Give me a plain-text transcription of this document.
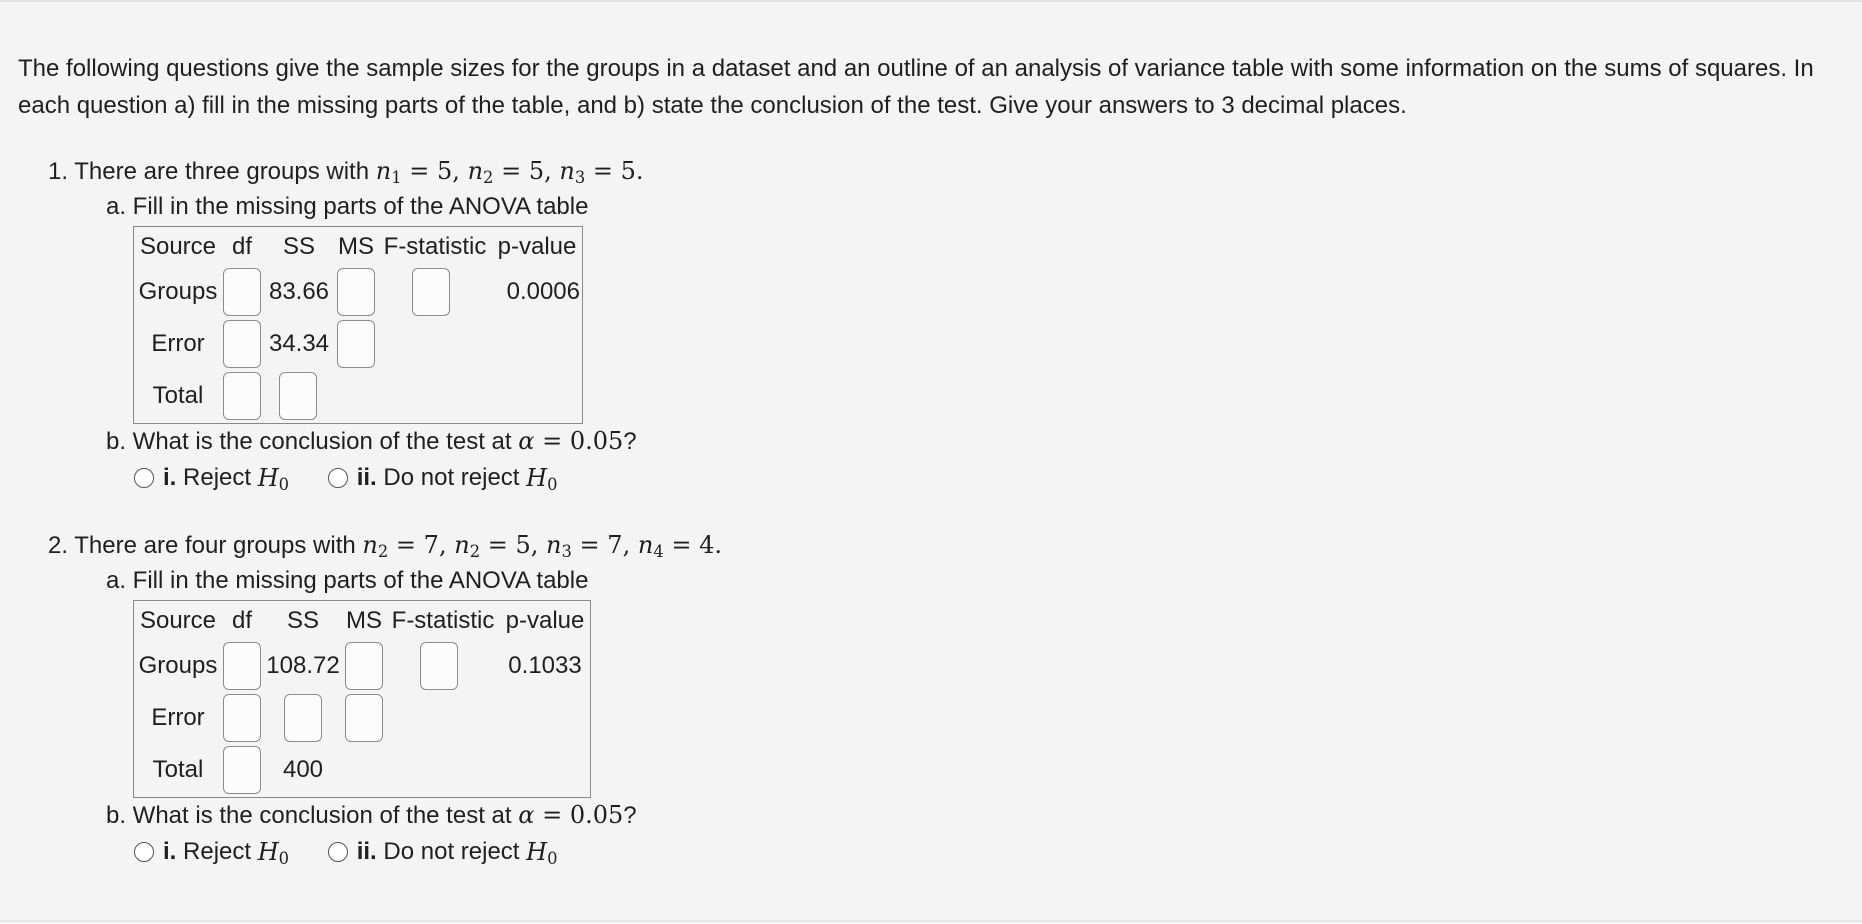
The following questions give the sample sizes for the groups in a dataset and an outline of an analysis of variance table with some information on the sums of squares. In each question a) fill in the missing parts of the table, and b) state the conclusion of the test. Give your answers to 3 decimal places.
1. There are three groups with $n_1 = 5$, $n_2 = 5$, $n_3 = 5$.
a. Fill in the missing parts of the ANOVA table
Source	df	SS	MS	F-statistic	p-value
Groups		83.66			0.0006
Error		34.34			
Total					
b. What is the conclusion of the test at α = 0.05?
i.
Reject
$H_0$
	ii.
Do not reject
$H_0$
2. There are four groups with $n_2 = 7$, $n_2 = 5$, $n_3 = 7$, $n_4 = 4$.
a. Fill in the missing parts of the ANOVA table
Source	df	SS	MS	F-statistic	p-value
Groups		108.72			0.1033
Error					
Total		400			
b. What is the conclusion of the test at α = 0.05?
i.
Reject
$H_0$
	ii.
Do not reject
$H_0$
